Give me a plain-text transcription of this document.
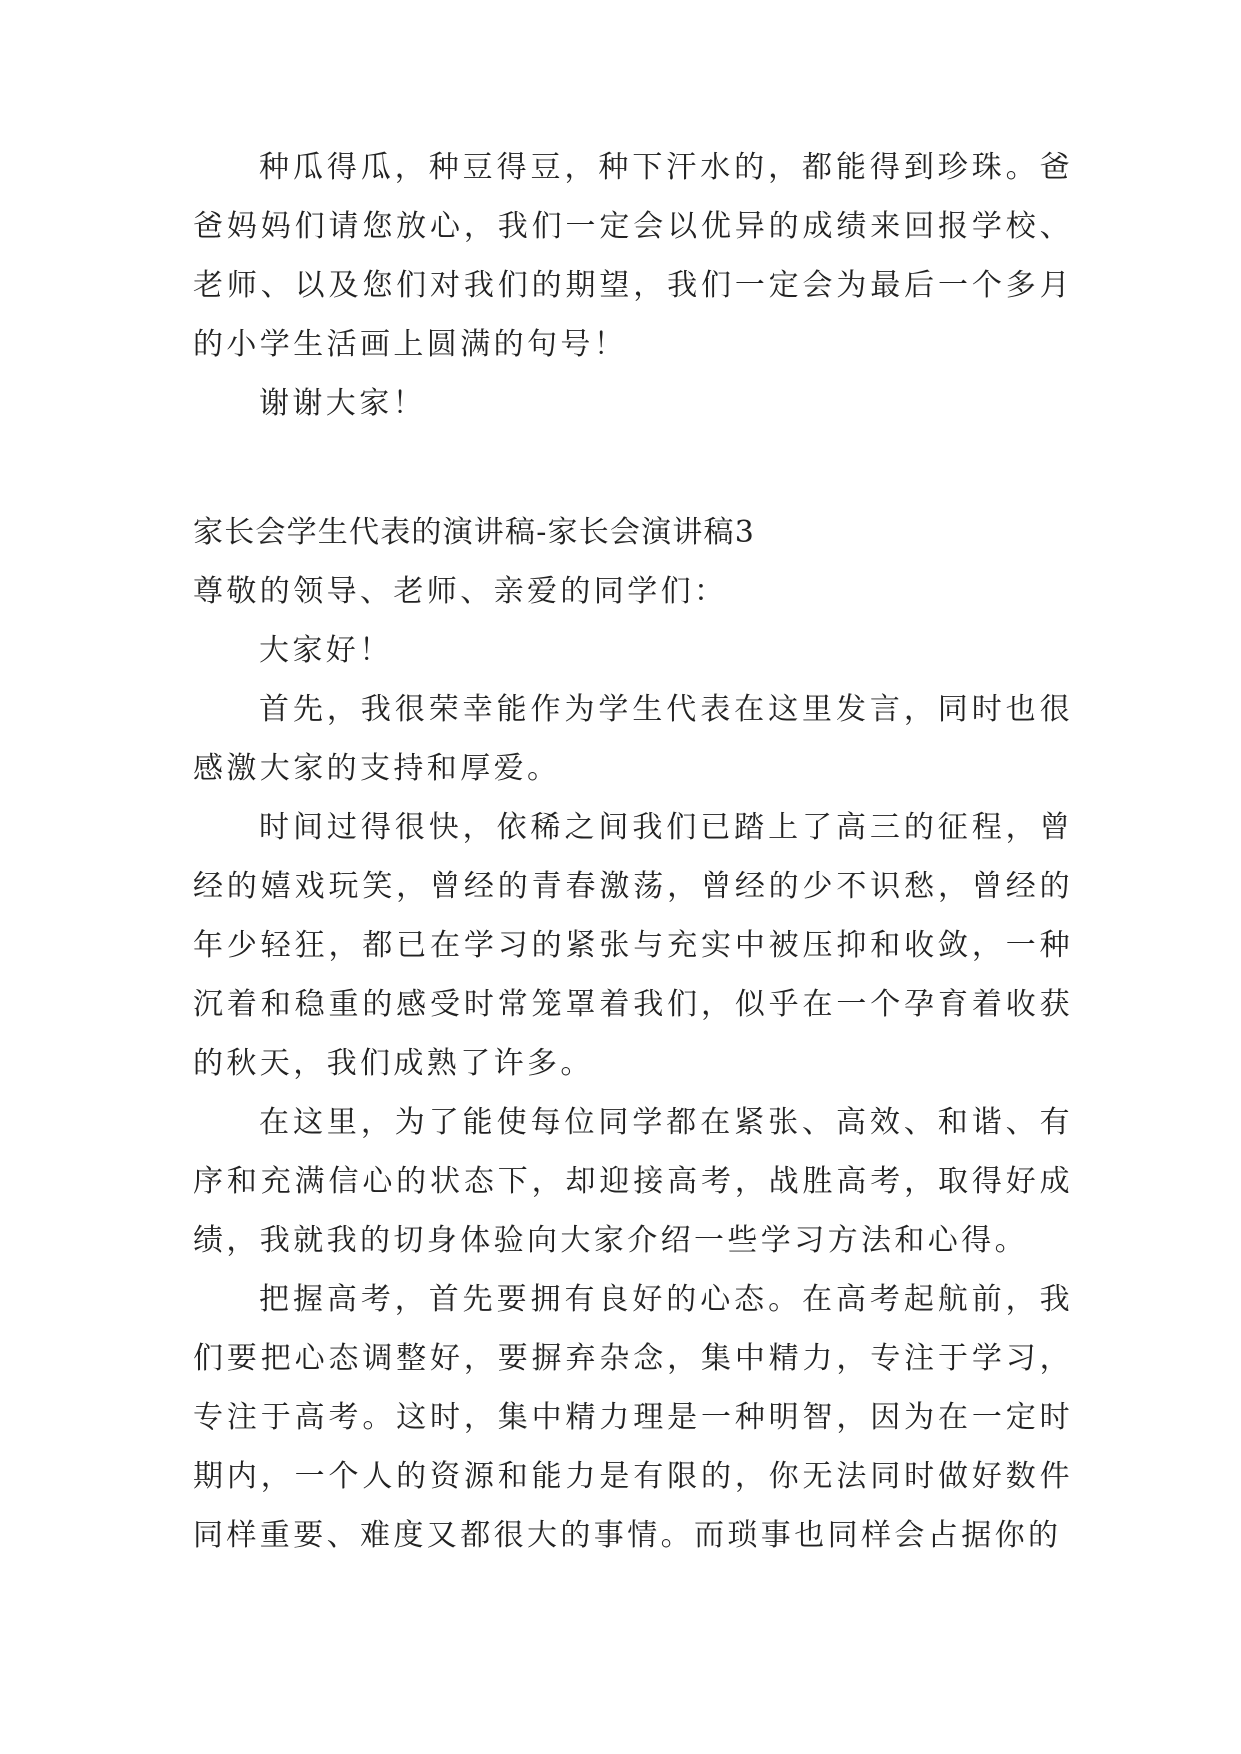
种瓜得瓜，种豆得豆，种下汗水的，都能得到珍珠。爸爸妈妈们请您放心，我们一定会以优异的成绩来回报学校、老师、以及您们对我们的期望，我们一定会为最后一个多月的小学生活画上圆满的句号！

谢谢大家！

家长会学生代表的演讲稿-家长会演讲稿3
尊敬的领导、老师、亲爱的同学们：

大家好！

首先，我很荣幸能作为学生代表在这里发言，同时也很感激大家的支持和厚爱。

时间过得很快，依稀之间我们已踏上了高三的征程，曾经的嬉戏玩笑，曾经的青春激荡，曾经的少不识愁，曾经的年少轻狂，都已在学习的紧张与充实中被压抑和收敛，一种沉着和稳重的感受时常笼罩着我们，似乎在一个孕育着收获的秋天，我们成熟了许多。

在这里，为了能使每位同学都在紧张、高效、和谐、有序和充满信心的状态下，却迎接高考，战胜高考，取得好成绩，我就我的切身体验向大家介绍一些学习方法和心得。

把握高考，首先要拥有良好的心态。在高考起航前，我们要把心态调整好，要摒弃杂念，集中精力，专注于学习，专注于高考。这时，集中精力理是一种明智，因为在一定时期内，一个人的资源和能力是有限的，你无法同时做好数件同样重要、难度又都很大的事情。而琐事也同样会占据你的
